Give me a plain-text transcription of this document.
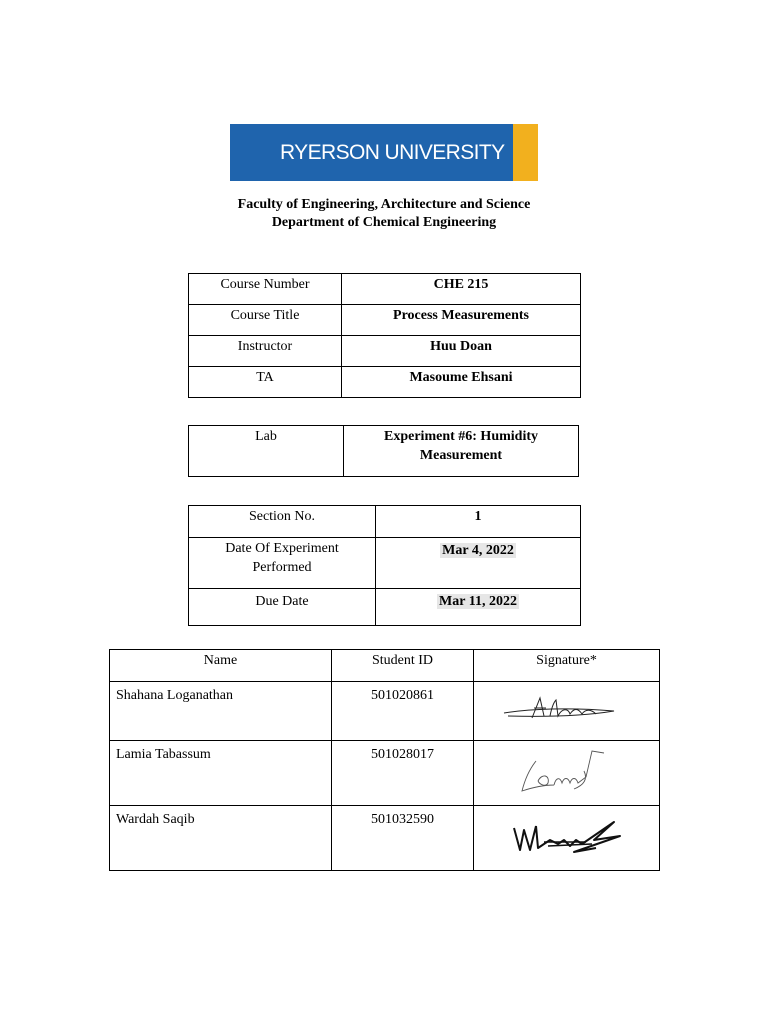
RYERSON UNIVERSITY
Faculty of Engineering, Architecture and Science
Department of Chemical Engineering
Course Number	CHE 215
Course Title	Process Measurements
Instructor	Huu Doan
TA	Masoume Ehsani
Lab	Experiment #6: Humidity
Measurement
Section No.	1
Date Of Experiment
Performed	Mar 4, 2022
Due Date	Mar 11, 2022
Name	Student ID	Signature*
Shahana Loganathan	501020861	

Lamia Tabassum	501028017	

Wardah Saqib	501032590	
